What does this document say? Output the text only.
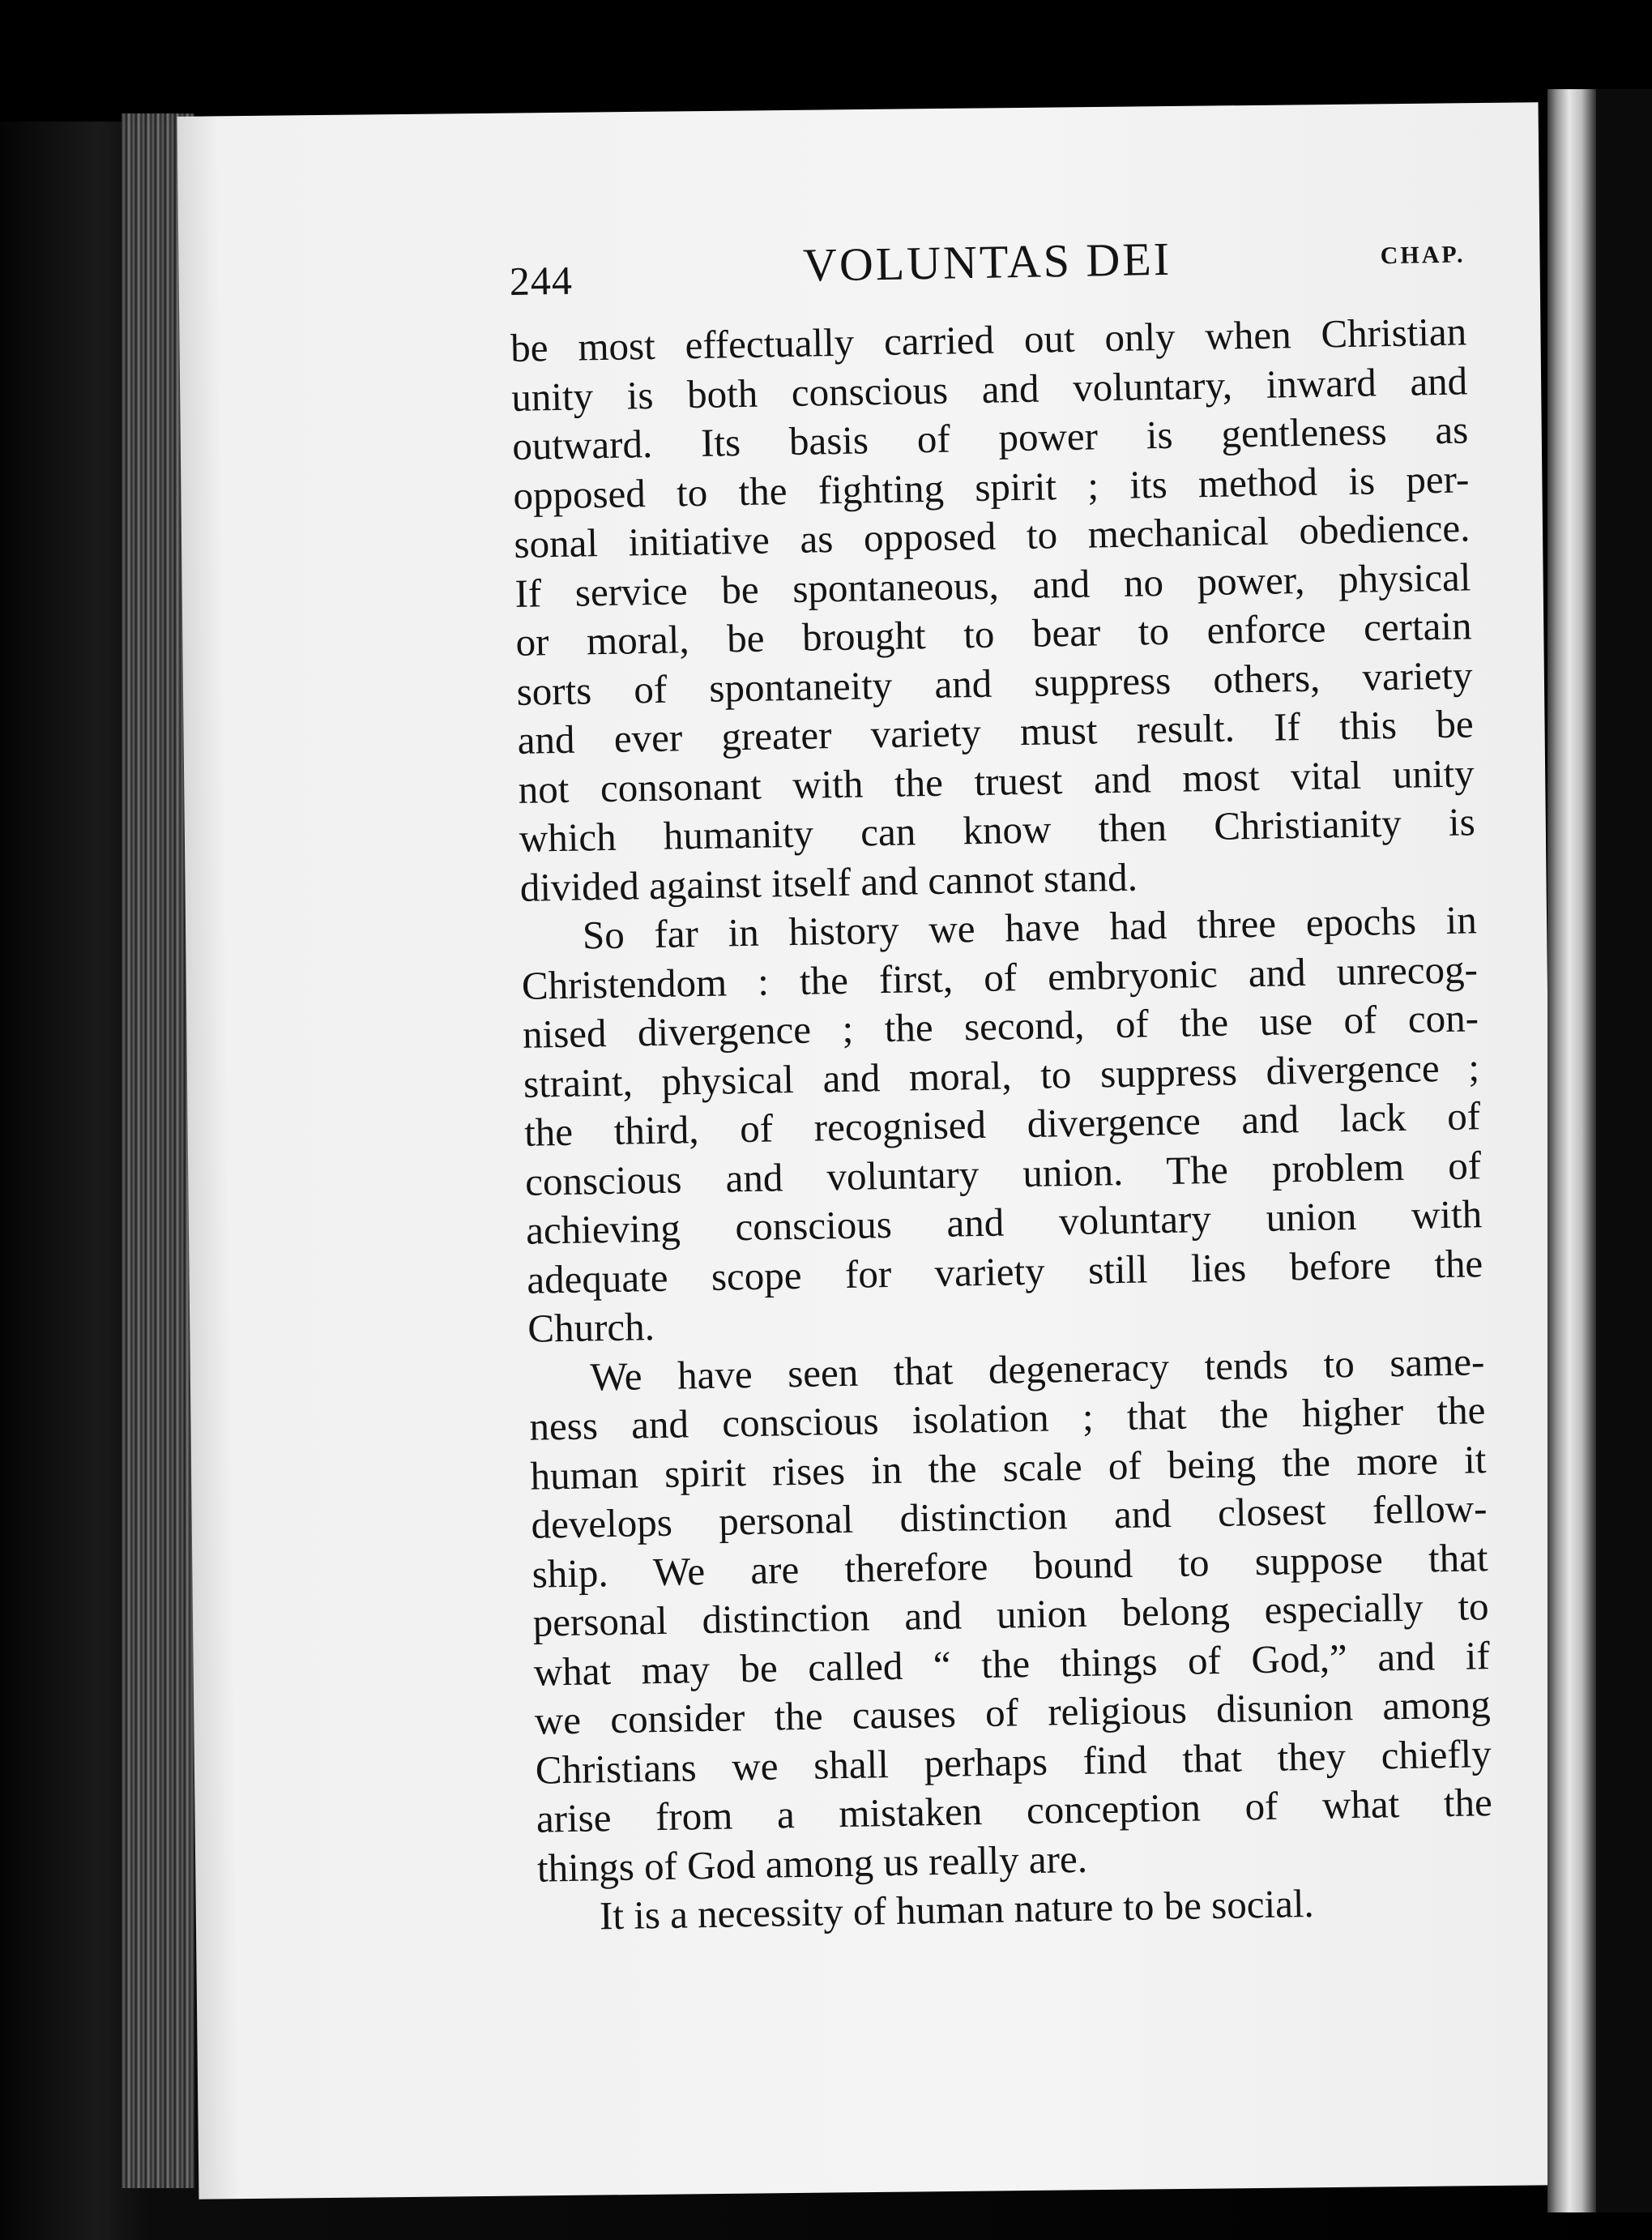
244	VOLUNTAS DEI	CHAP.

be most effectually carried out only when Christian
unity is both conscious and voluntary, inward and
outward. Its basis of power is gentleness as
opposed to the fighting spirit ; its method is per-
sonal initiative as opposed to mechanical obedience.
If service be spontaneous, and no power, physical
or moral, be brought to bear to enforce certain
sorts of spontaneity and suppress others, variety
and ever greater variety must result. If this be
not consonant with the truest and most vital unity
which humanity can know then Christianity is
divided against itself and cannot stand.

So far in history we have had three epochs in
Christendom : the first, of embryonic and unrecog-
nised divergence ; the second, of the use of con-
straint, physical and moral, to suppress divergence ;
the third, of recognised divergence and lack of
conscious and voluntary union. The problem of
achieving conscious and voluntary union with
adequate scope for variety still lies before the
Church.

We have seen that degeneracy tends to same-
ness and conscious isolation ; that the higher the
human spirit rises in the scale of being the more it
develops personal distinction and closest fellow-
ship. We are therefore bound to suppose that
personal distinction and union belong especially to
what may be called “ the things of God,” and if
we consider the causes of religious disunion among
Christians we shall perhaps find that they chiefly
arise from a mistaken conception of what the
things of God among us really are.

It is a necessity of human nature to be social.
